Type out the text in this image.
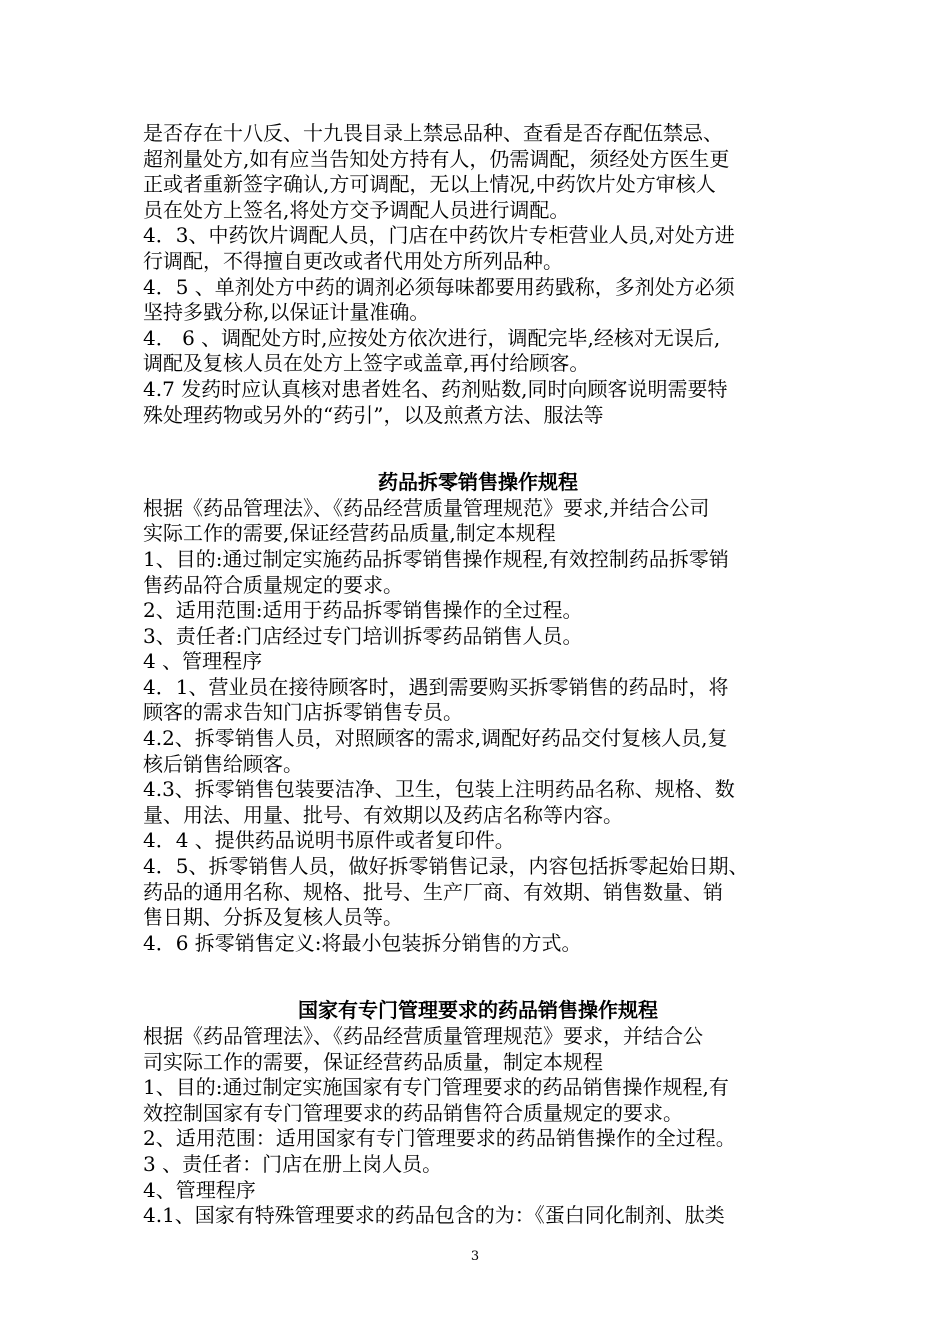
是否存在十八反、十九畏目录上禁忌品种、查看是否存配伍禁忌、
超剂量处方,如有应当告知处方持有人，仍需调配，须经处方医生更
正或者重新签字确认,方可调配，无以上情况,中药饮片处方审核人
员在处方上签名,将处方交予调配人员进行调配。
4．3、中药饮片调配人员，门店在中药饮片专柜营业人员,对处方进
行调配，不得擅自更改或者代用处方所列品种。
4．5 、单剂处方中药的调剂必须每味都要用药戥称，多剂处方必须
坚持多戥分称,以保证计量准确。
4． 6 、调配处方时,应按处方依次进行，调配完毕,经核对无误后,
调配及复核人员在处方上签字或盖章,再付给顾客。
4.7 发药时应认真核对患者姓名、药剂贴数,同时向顾客说明需要特
殊处理药物或另外的“药引”，以及煎煮方法、服法等
药品拆零销售操作规程
根据《药品管理法》、《药品经营质量管理规范》要求,并结合公司
实际工作的需要,保证经营药品质量,制定本规程
1、目的:通过制定实施药品拆零销售操作规程,有效控制药品拆零销
售药品符合质量规定的要求。
2、适用范围:适用于药品拆零销售操作的全过程。
3、责任者:门店经过专门培训拆零药品销售人员。
4 、管理程序
4．1、营业员在接待顾客时，遇到需要购买拆零销售的药品时，将
顾客的需求告知门店拆零销售专员。
4.2、拆零销售人员，对照顾客的需求,调配好药品交付复核人员,复
核后销售给顾客。
4.3、拆零销售包装要洁净、卫生，包装上注明药品名称、规格、数
量、用法、用量、批号、有效期以及药店名称等内容。
4．4 、提供药品说明书原件或者复印件。
4．5、拆零销售人员，做好拆零销售记录，内容包括拆零起始日期、
药品的通用名称、规格、批号、生产厂商、有效期、销售数量、销
售日期、分拆及复核人员等。
4．6 拆零销售定义:将最小包装拆分销售的方式。
国家有专门管理要求的药品销售操作规程
根据《药品管理法》、《药品经营质量管理规范》要求，并结合公
司实际工作的需要，保证经营药品质量，制定本规程
1、目的:通过制定实施国家有专门管理要求的药品销售操作规程,有
效控制国家有专门管理要求的药品销售符合质量规定的要求。
2、适用范围：适用国家有专门管理要求的药品销售操作的全过程。
3 、责任者：门店在册上岗人员。
4、管理程序
4.1、国家有特殊管理要求的药品包含的为：《蛋白同化制剂、肽类
3
